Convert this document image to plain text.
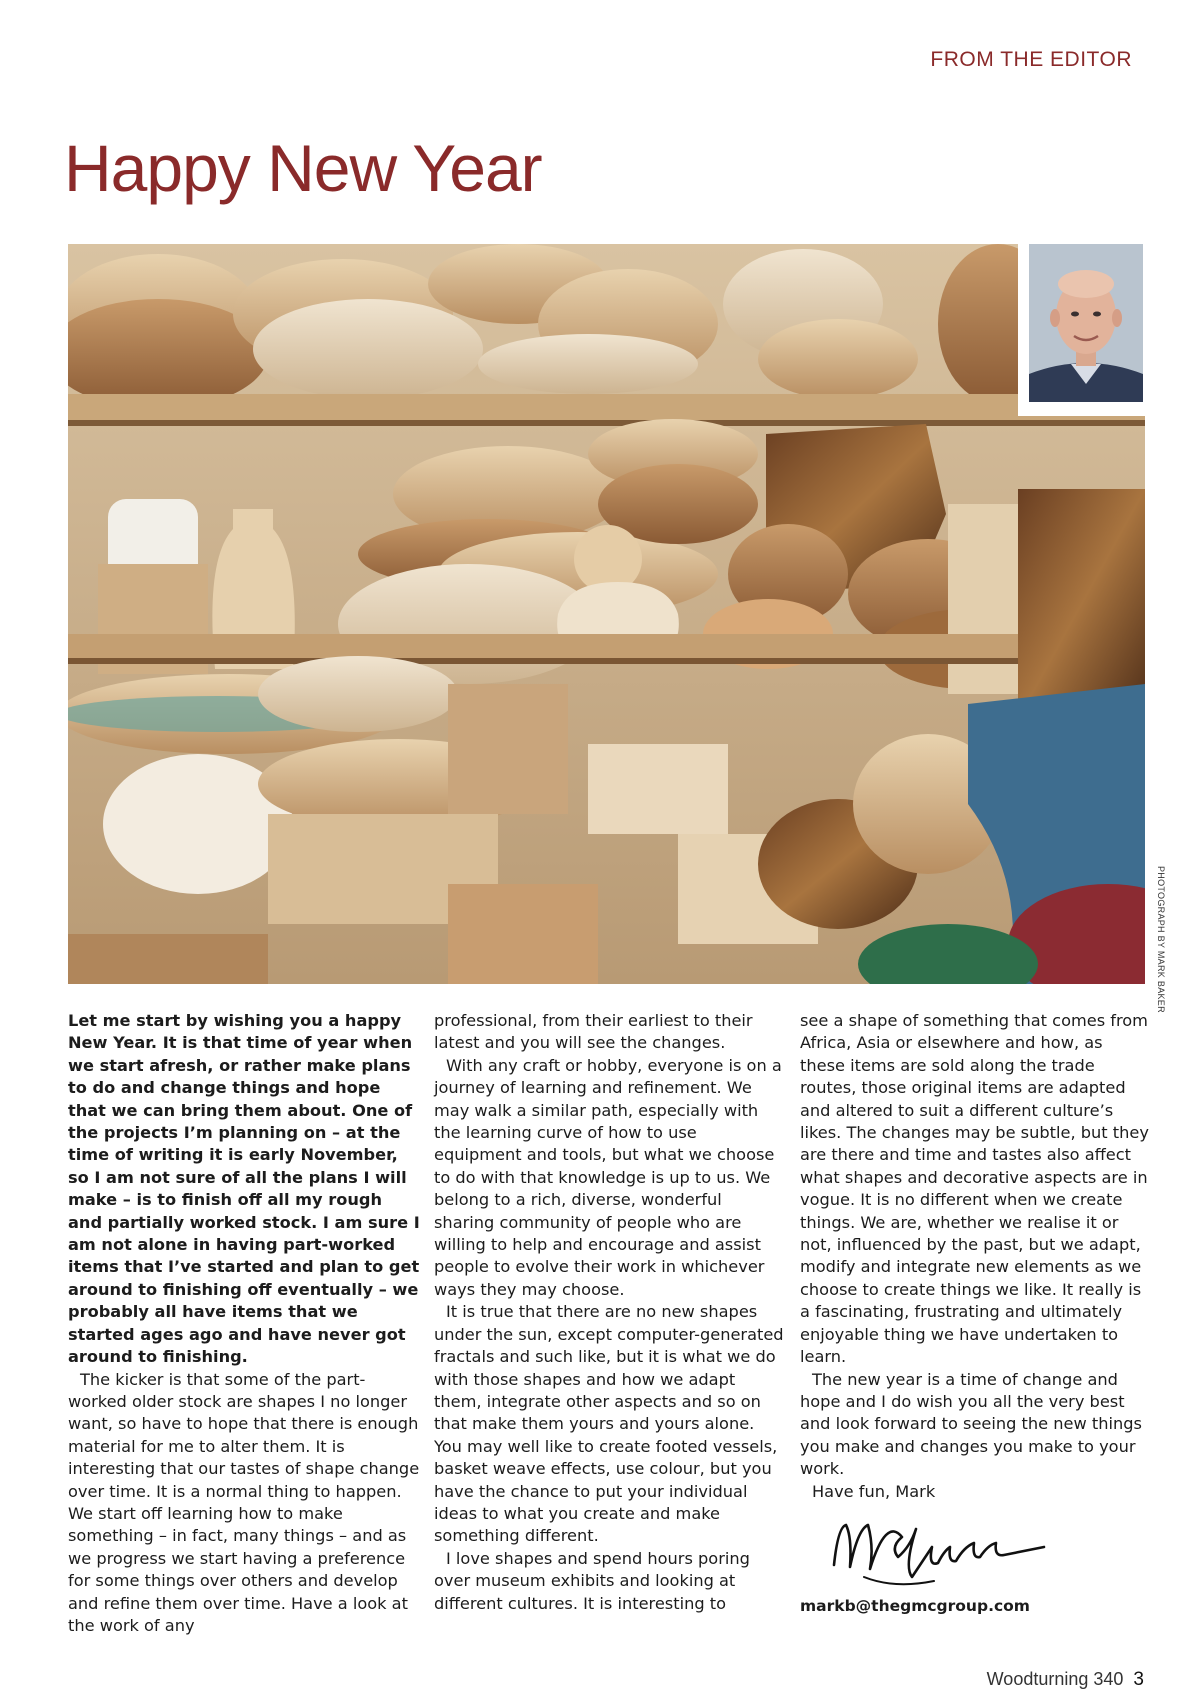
FROM THE EDITOR
Happy New Year
PHOTOGRAPH BY MARK BAKER

Let me start by wishing you a happy New Year. It is that time of year when we start afresh, or rather make plans to do and change things and hope that we can bring them about. One of the projects I’m planning on – at the time of writing it is early November, so I am not sure of all the plans I will make – is to finish off all my rough and partially worked stock. I am sure I am not alone in having part-worked items that I’ve started and plan to get around to finishing off eventually – we probably all have items that we started ages ago and have never got around to finishing.

The kicker is that some of the part-worked older stock are shapes I no longer want, so have to hope that there is enough material for me to alter them. It is interesting that our tastes of shape change over time. It is a normal thing to happen. We start off learning how to make something – in fact, many things – and as we progress we start having a preference for some things over others and develop and refine them over time. Have a look at the work of any

professional, from their earliest to their latest and you will see the changes.

With any craft or hobby, everyone is on a journey of learning and refinement. We may walk a similar path, especially with the learning curve of how to use equipment and tools, but what we choose to do with that knowledge is up to us. We belong to a rich, diverse, wonderful sharing community of people who are willing to help and encourage and assist people to evolve their work in whichever ways they may choose.

It is true that there are no new shapes under the sun, except computer-generated fractals and such like, but it is what we do with those shapes and how we adapt them, integrate other aspects and so on that make them yours and yours alone. You may well like to create footed vessels, basket weave effects, use colour, but you have the chance to put your individual ideas to what you create and make something different.

I love shapes and spend hours poring over museum exhibits and looking at different cultures. It is interesting to

see a shape of something that comes from Africa, Asia or elsewhere and how, as these items are sold along the trade routes, those original items are adapted and altered to suit a different culture’s likes. The changes may be subtle, but they are there and time and tastes also affect what shapes and decorative aspects are in vogue. It is no different when we create things. We are, whether we realise it or not, influenced by the past, but we adapt, modify and integrate new elements as we choose to create things we like. It really is a fascinating, frustrating and ultimately enjoyable thing we have undertaken to learn.

The new year is a time of change and hope and I do wish you all the very best and look forward to seeing the new things you make and changes you make to your work.

Have fun, Mark

markb@thegmcgroup.com
Woodturning 340 3
